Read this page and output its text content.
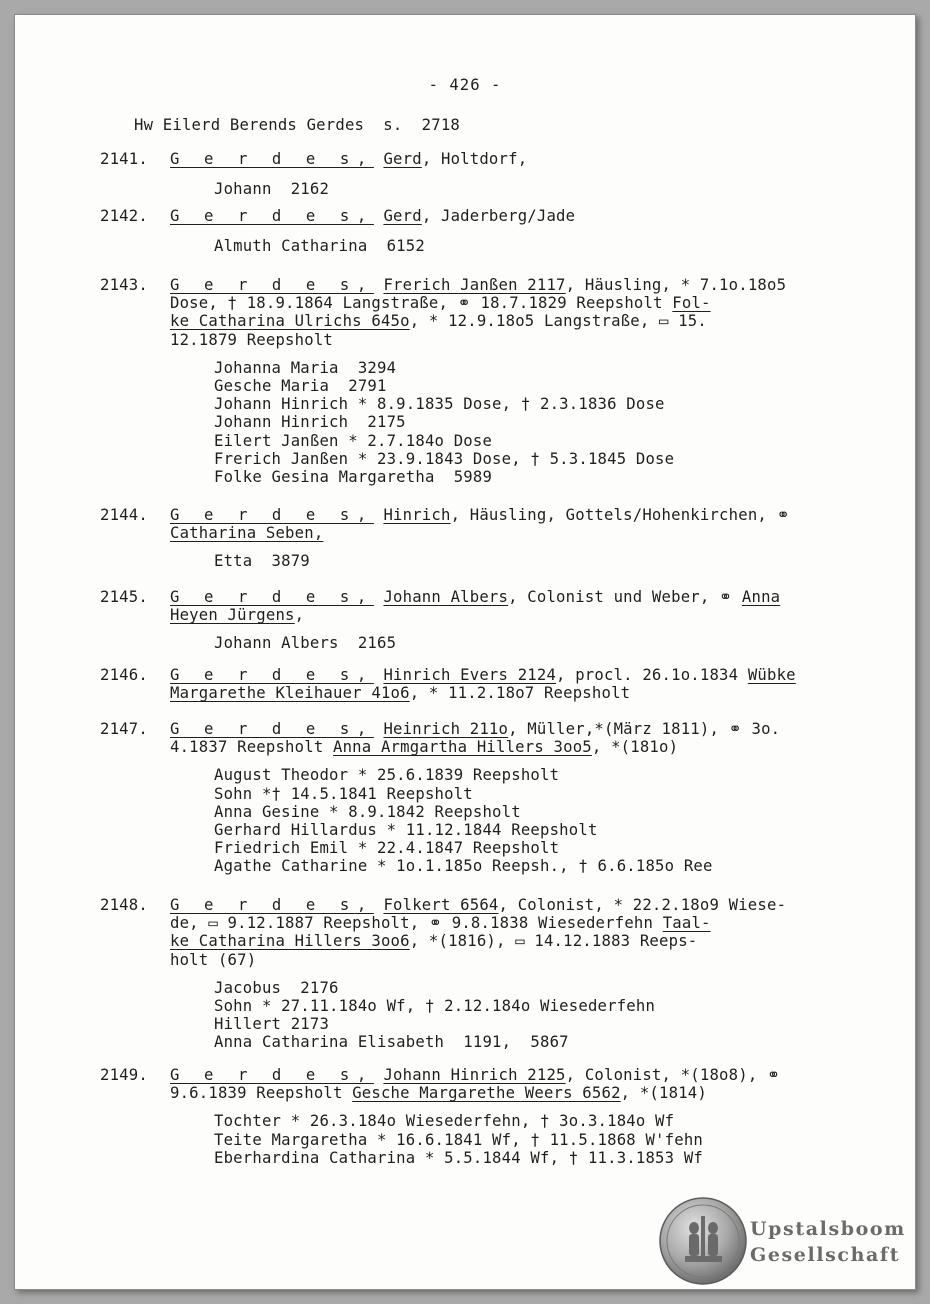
- 426 -
Hw Eilerd Berends Gerdes  s.  2718
2141.	G e r d e s, Gerd, Holtdorf,
Johann  2162
2142.	G e r d e s, Gerd, Jaderberg/Jade
Almuth Catharina  6152
2143.	G e r d e s, Frerich Janßen 2117, Häusling, * 7.1o.18o5
Dose, † 18.9.1864 Langstraße, ⚭ 18.7.1829 Reepsholt Fol-
ke Catharina Ulrichs 645o, * 12.9.18o5 Langstraße, ▭ 15.
12.1879 Reepsholt
Johanna Maria  3294
Gesche Maria  2791
Johann Hinrich * 8.9.1835 Dose, † 2.3.1836 Dose
Johann Hinrich  2175
Eilert Janßen * 2.7.184o Dose
Frerich Janßen * 23.9.1843 Dose, † 5.3.1845 Dose
Folke Gesina Margaretha  5989
2144.	G e r d e s, Hinrich, Häusling, Gottels/Hohenkirchen, ⚭
Catharina Seben,
Etta  3879
2145.	G e r d e s, Johann Albers, Colonist und Weber, ⚭ Anna
Heyen Jürgens,
Johann Albers  2165
2146.	G e r d e s, Hinrich Evers 2124, procl. 26.1o.1834 Wübke
Margarethe Kleihauer 41o6, * 11.2.18o7 Reepsholt
2147.	G e r d e s, Heinrich 211o, Müller,*(März 1811), ⚭ 3o.
4.1837 Reepsholt Anna Armgartha Hillers 3oo5, *(181o)
August Theodor * 25.6.1839 Reepsholt
Sohn *† 14.5.1841 Reepsholt
Anna Gesine * 8.9.1842 Reepsholt
Gerhard Hillardus * 11.12.1844 Reepsholt
Friedrich Emil * 22.4.1847 Reepsholt
Agathe Catharine * 1o.1.185o Reepsh., † 6.6.185o Ree
2148.	G e r d e s, Folkert 6564, Colonist, * 22.2.18o9 Wiese-
de, ▭ 9.12.1887 Reepsholt, ⚭ 9.8.1838 Wiesederfehn Taal-
ke Catharina Hillers 3oo6, *(1816), ▭ 14.12.1883 Reeps-
holt (67)
Jacobus  2176
Sohn * 27.11.184o Wf, † 2.12.184o Wiesederfehn
Hillert 2173
Anna Catharina Elisabeth  1191,  5867
2149.	G e r d e s, Johann Hinrich 2125, Colonist, *(18o8), ⚭
9.6.1839 Reepsholt Gesche Margarethe Weers 6562, *(1814)
Tochter * 26.3.184o Wiesederfehn, † 3o.3.184o Wf
Teite Margaretha * 16.6.1841 Wf, † 11.5.1868 W'fehn
Eberhardina Catharina * 5.5.1844 Wf, † 11.3.1853 Wf
Upstalsboom
Gesellschaft
